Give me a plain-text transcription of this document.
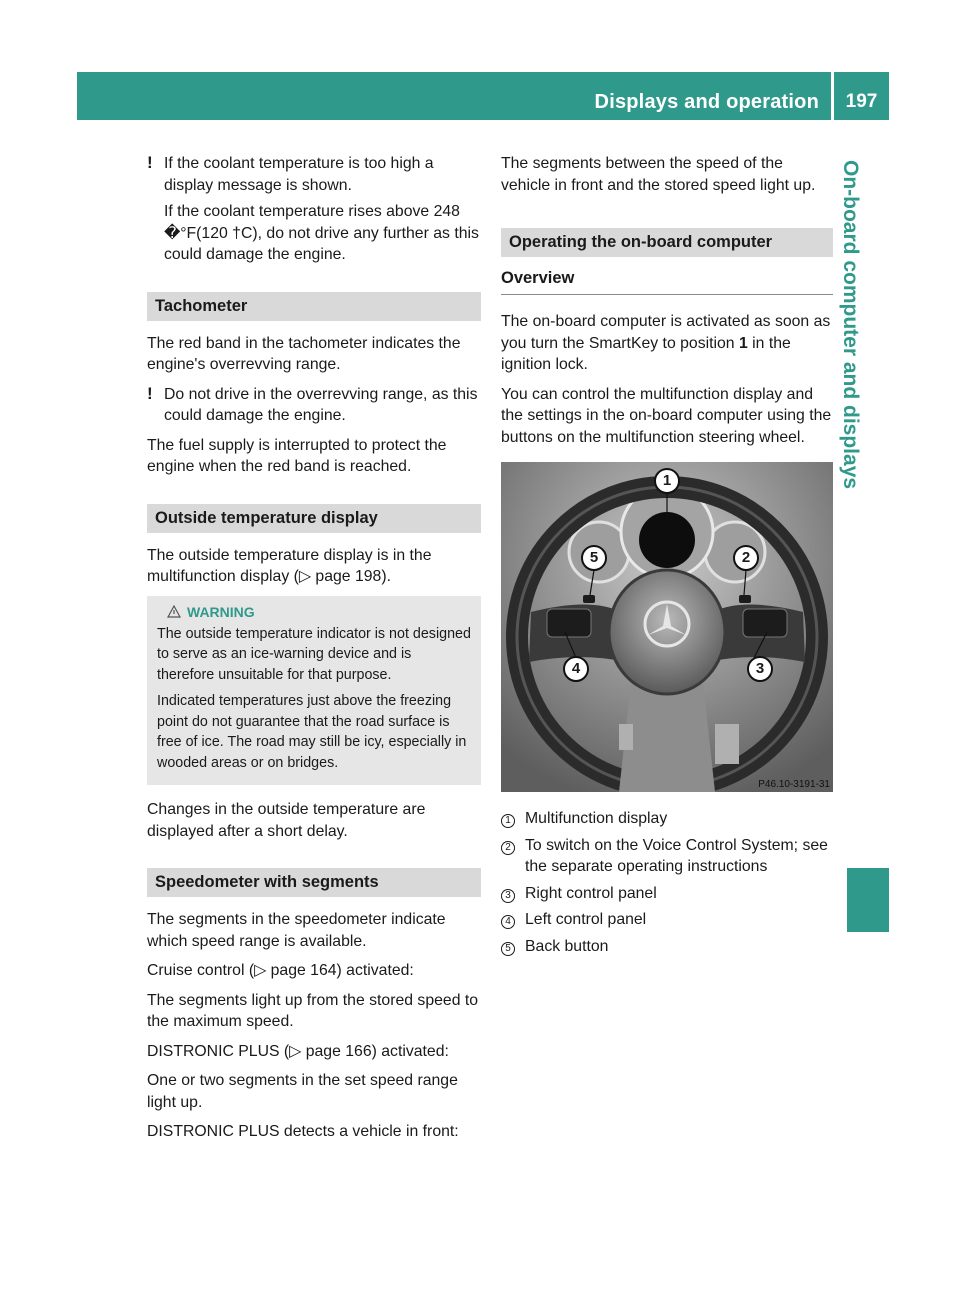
Displays and operation	197
On-board computer and displays
! If the coolant temperature is too high a display message is shown.

If the coolant temperature rises above 248 �°F(120 †C), do not drive any further as this could damage the engine.

Tachometer

The red band in the tachometer indicates the engine's overrevving range.

! Do not drive in the overrevving range, as this could damage the engine.

The fuel supply is interrupted to protect the engine when the red band is reached.

Outside temperature display

The outside temperature display is in the multifunction display (▷ page 198).

WARNING

The outside temperature indicator is not designed to serve as an ice-warning device and is therefore unsuitable for that purpose.

Indicated temperatures just above the freezing point do not guarantee that the road surface is free of ice. The road may still be icy, especially in wooded areas or on bridges.

Changes in the outside temperature are displayed after a short delay.

Speedometer with segments

The segments in the speedometer indicate which speed range is available.

Cruise control (▷ page 164) activated:

The segments light up from the stored speed to the maximum speed.

DISTRONIC PLUS (▷ page 166) activated:

One or two segments in the set speed range light up.

DISTRONIC PLUS detects a vehicle in front:

The segments between the speed of the vehicle in front and the stored speed light up.

Operating the on-board computer
Overview

The on-board computer is activated as soon as you turn the SmartKey to position 1 in the ignition lock.

You can control the multifunction display and the settings in the on-board computer using the buttons on the multifunction steering wheel.

1
2
3
4
5
P46.10-3191-31
1 Multifunction display
2 To switch on the Voice Control System; see the separate operating instructions
3 Right control panel
4 Left control panel
5 Back button
